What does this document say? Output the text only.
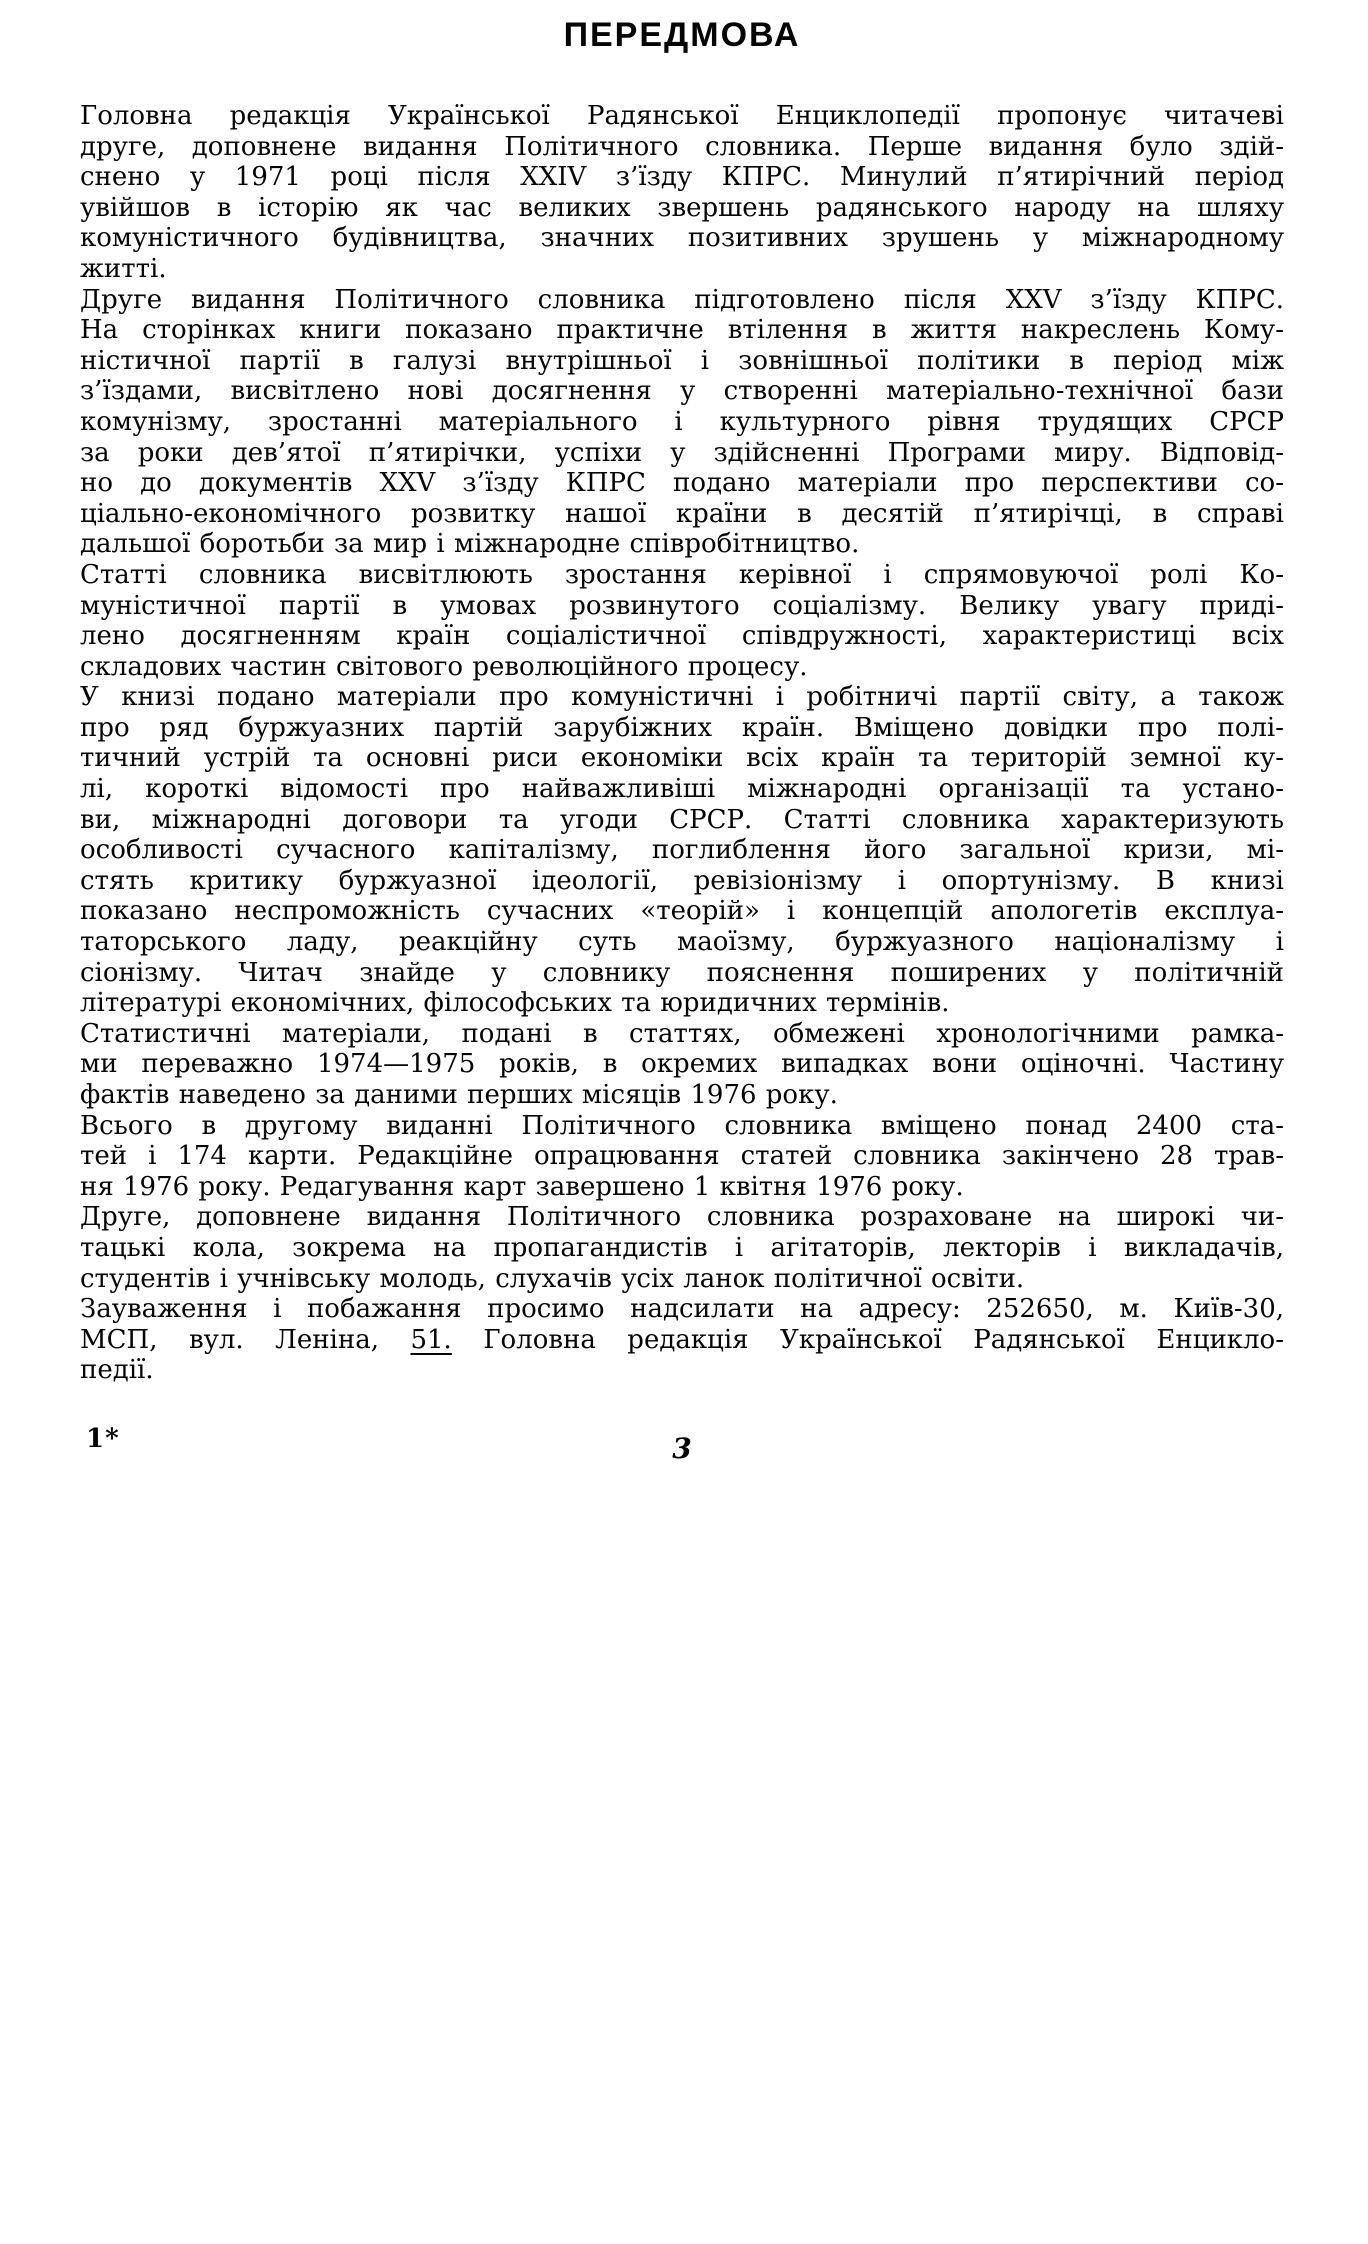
ПЕРЕДМОВА
Головна редакція Української Радянської Енциклопедії пропонує читачеві
друге, доповнене видання Політичного словника. Перше видання було здій-
снено у 1971 році після XXIV з’їзду КПРС. Минулий п’ятирічний період
увійшов в історію як час великих звершень радянського народу на шляху
комуністичного будівництва, значних позитивних зрушень у міжнародному
житті.
Друге видання Політичного словника підготовлено після XXV з’їзду КПРС.
На сторінках книги показано практичне втілення в життя накреслень Кому-
ністичної партії в галузі внутрішньої і зовнішньої політики в період між
з’їздами, висвітлено нові досягнення у створенні матеріально-технічної бази
комунізму, зростанні матеріального і культурного рівня трудящих СРСР
за роки дев’ятої п’ятирічки, успіхи у здійсненні Програми миру. Відповід-
но до документів XXV з’їзду КПРС подано матеріали про перспективи со-
ціально-економічного розвитку нашої країни в десятій п’ятирічці, в справі
дальшої боротьби за мир і міжнародне співробітництво.
Статті словника висвітлюють зростання керівної і спрямовуючої ролі Ко-
муністичної партії в умовах розвинутого соціалізму. Велику увагу приді-
лено досягненням країн соціалістичної співдружності, характеристиці всіх
складових частин світового революційного процесу.
У книзі подано матеріали про комуністичні і робітничі партії світу, а також
про ряд буржуазних партій зарубіжних країн. Вміщено довідки про полі-
тичний устрій та основні риси економіки всіх країн та територій земної ку-
лі, короткі відомості про найважливіші міжнародні організації та устано-
ви, міжнародні договори та угоди СРСР. Статті словника характеризують
особливості сучасного капіталізму, поглиблення його загальної кризи, мі-
стять критику буржуазної ідеології, ревізіонізму і опортунізму. В книзі
показано неспроможність сучасних «теорій» і концепцій апологетів експлуа-
таторського ладу, реакційну суть маоїзму, буржуазного націоналізму і
сіонізму. Читач знайде у словнику пояснення поширених у політичній
літературі економічних, філософських та юридичних термінів.
Статистичні матеріали, подані в статтях, обмежені хронологічними рамка-
ми переважно 1974—1975 років, в окремих випадках вони оціночні. Частину
фактів наведено за даними перших місяців 1976 року.
Всього в другому виданні Політичного словника вміщено понад 2400 ста-
тей і 174 карти. Редакційне опрацювання статей словника закінчено 28 трав-
ня 1976 року. Редагування карт завершено 1 квітня 1976 року.
Друге, доповнене видання Політичного словника розраховане на широкі чи-
тацькі кола, зокрема на пропагандистів і агітаторів, лекторів і викладачів,
студентів і учнівську молодь, слухачів усіх ланок політичної освіти.
Зауваження і побажання просимо надсилати на адресу: 252650, м. Київ-30,
МСП, вул. Леніна, 51. Головна редакція Української Радянської Енцикло-
педії.
1*	3
